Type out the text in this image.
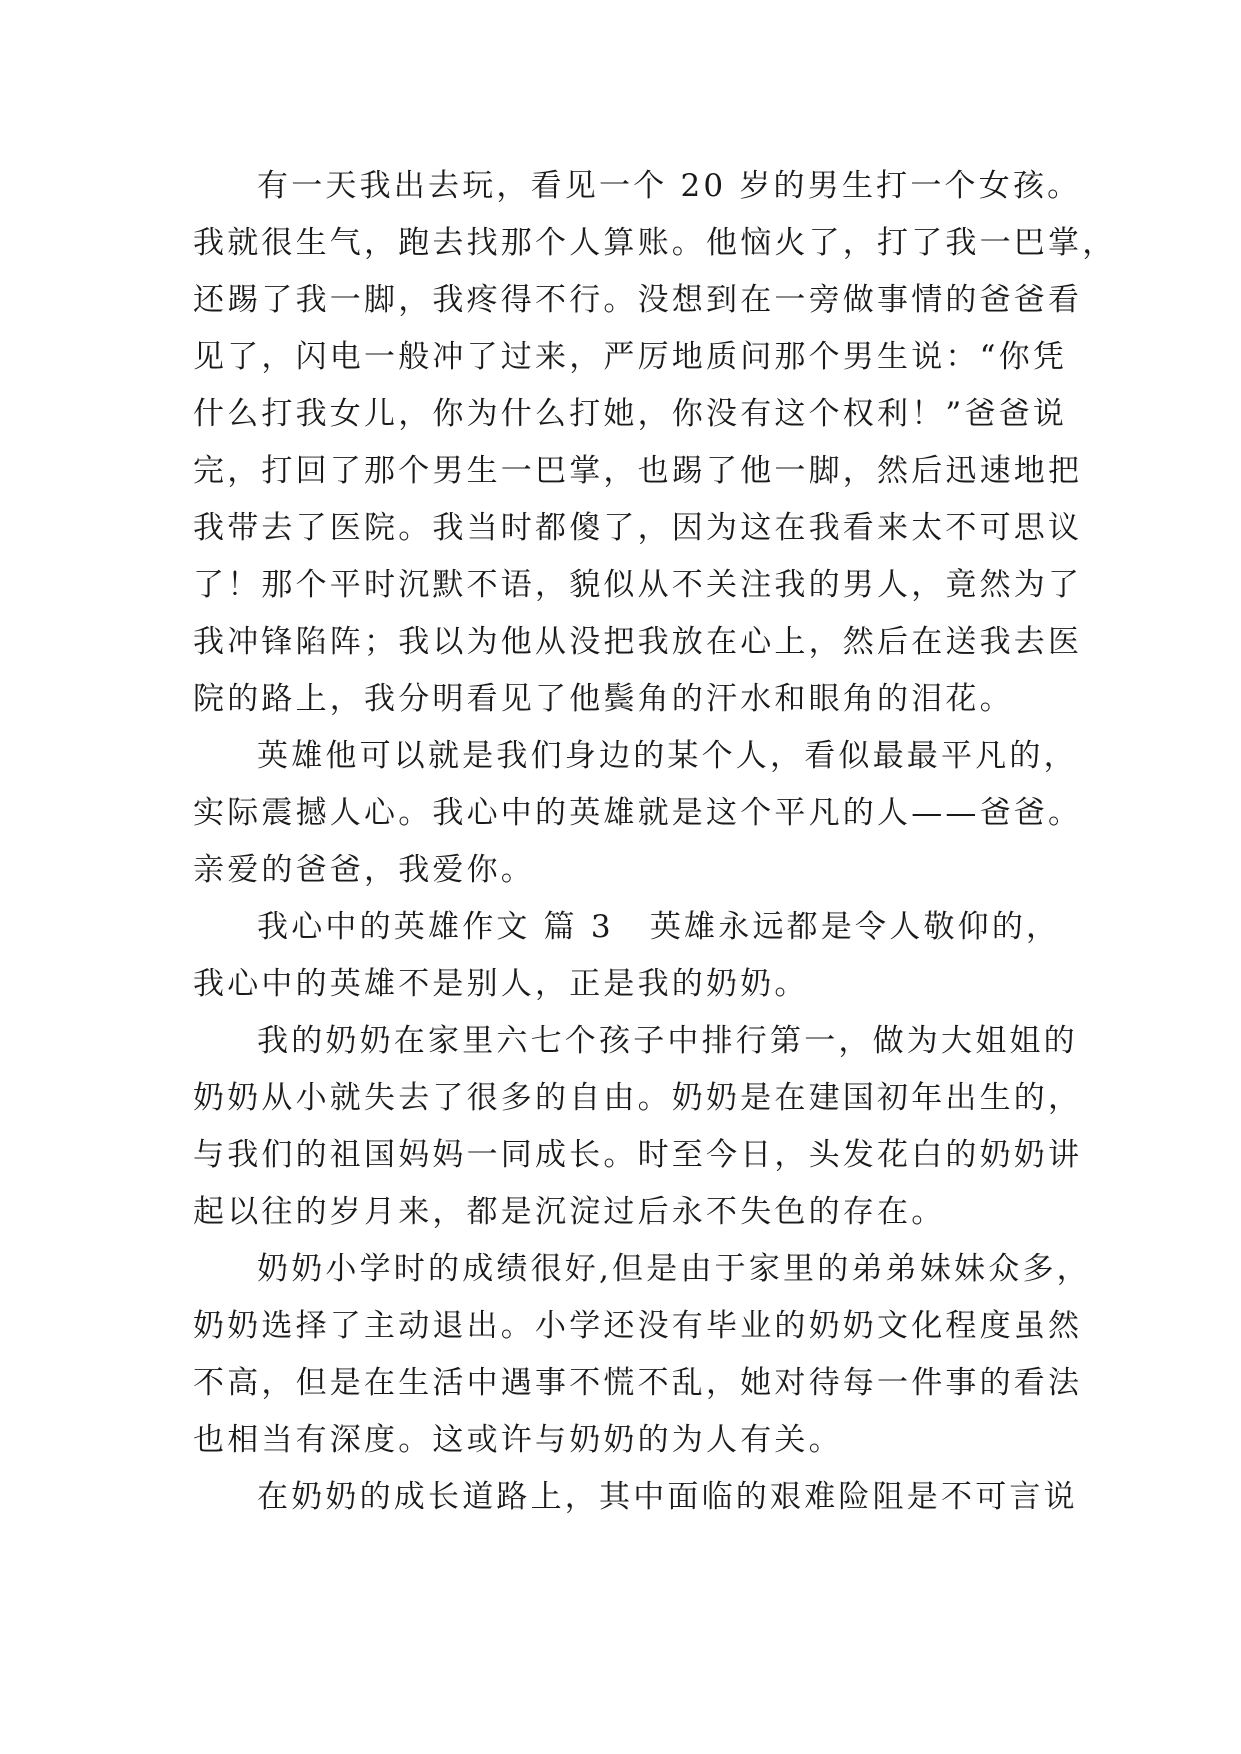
有一天我出去玩，看见一个 20 岁的男生打一个女孩。
我就很生气，跑去找那个人算账。他恼火了，打了我一巴掌，
还踢了我一脚，我疼得不行。没想到在一旁做事情的爸爸看
见了，闪电一般冲了过来，严厉地质问那个男生说：“你凭
什么打我女儿，你为什么打她，你没有这个权利！”爸爸说
完，打回了那个男生一巴掌，也踢了他一脚，然后迅速地把
我带去了医院。我当时都傻了，因为这在我看来太不可思议
了！那个平时沉默不语，貌似从不关注我的男人，竟然为了
我冲锋陷阵；我以为他从没把我放在心上，然后在送我去医
院的路上，我分明看见了他鬓角的汗水和眼角的泪花。
英雄他可以就是我们身边的某个人，看似最最平凡的，
实际震撼人心。我心中的英雄就是这个平凡的人——爸爸。
亲爱的爸爸，我爱你。
我心中的英雄作文 篇 3 英雄永远都是令人敬仰的，
我心中的英雄不是别人，正是我的奶奶。
我的奶奶在家里六七个孩子中排行第一，做为大姐姐的
奶奶从小就失去了很多的自由。奶奶是在建国初年出生的，
与我们的祖国妈妈一同成长。时至今日，头发花白的奶奶讲
起以往的岁月来，都是沉淀过后永不失色的存在。
奶奶小学时的成绩很好,但是由于家里的弟弟妹妹众多，
奶奶选择了主动退出。小学还没有毕业的奶奶文化程度虽然
不高，但是在生活中遇事不慌不乱，她对待每一件事的看法
也相当有深度。这或许与奶奶的为人有关。
在奶奶的成长道路上，其中面临的艰难险阻是不可言说
